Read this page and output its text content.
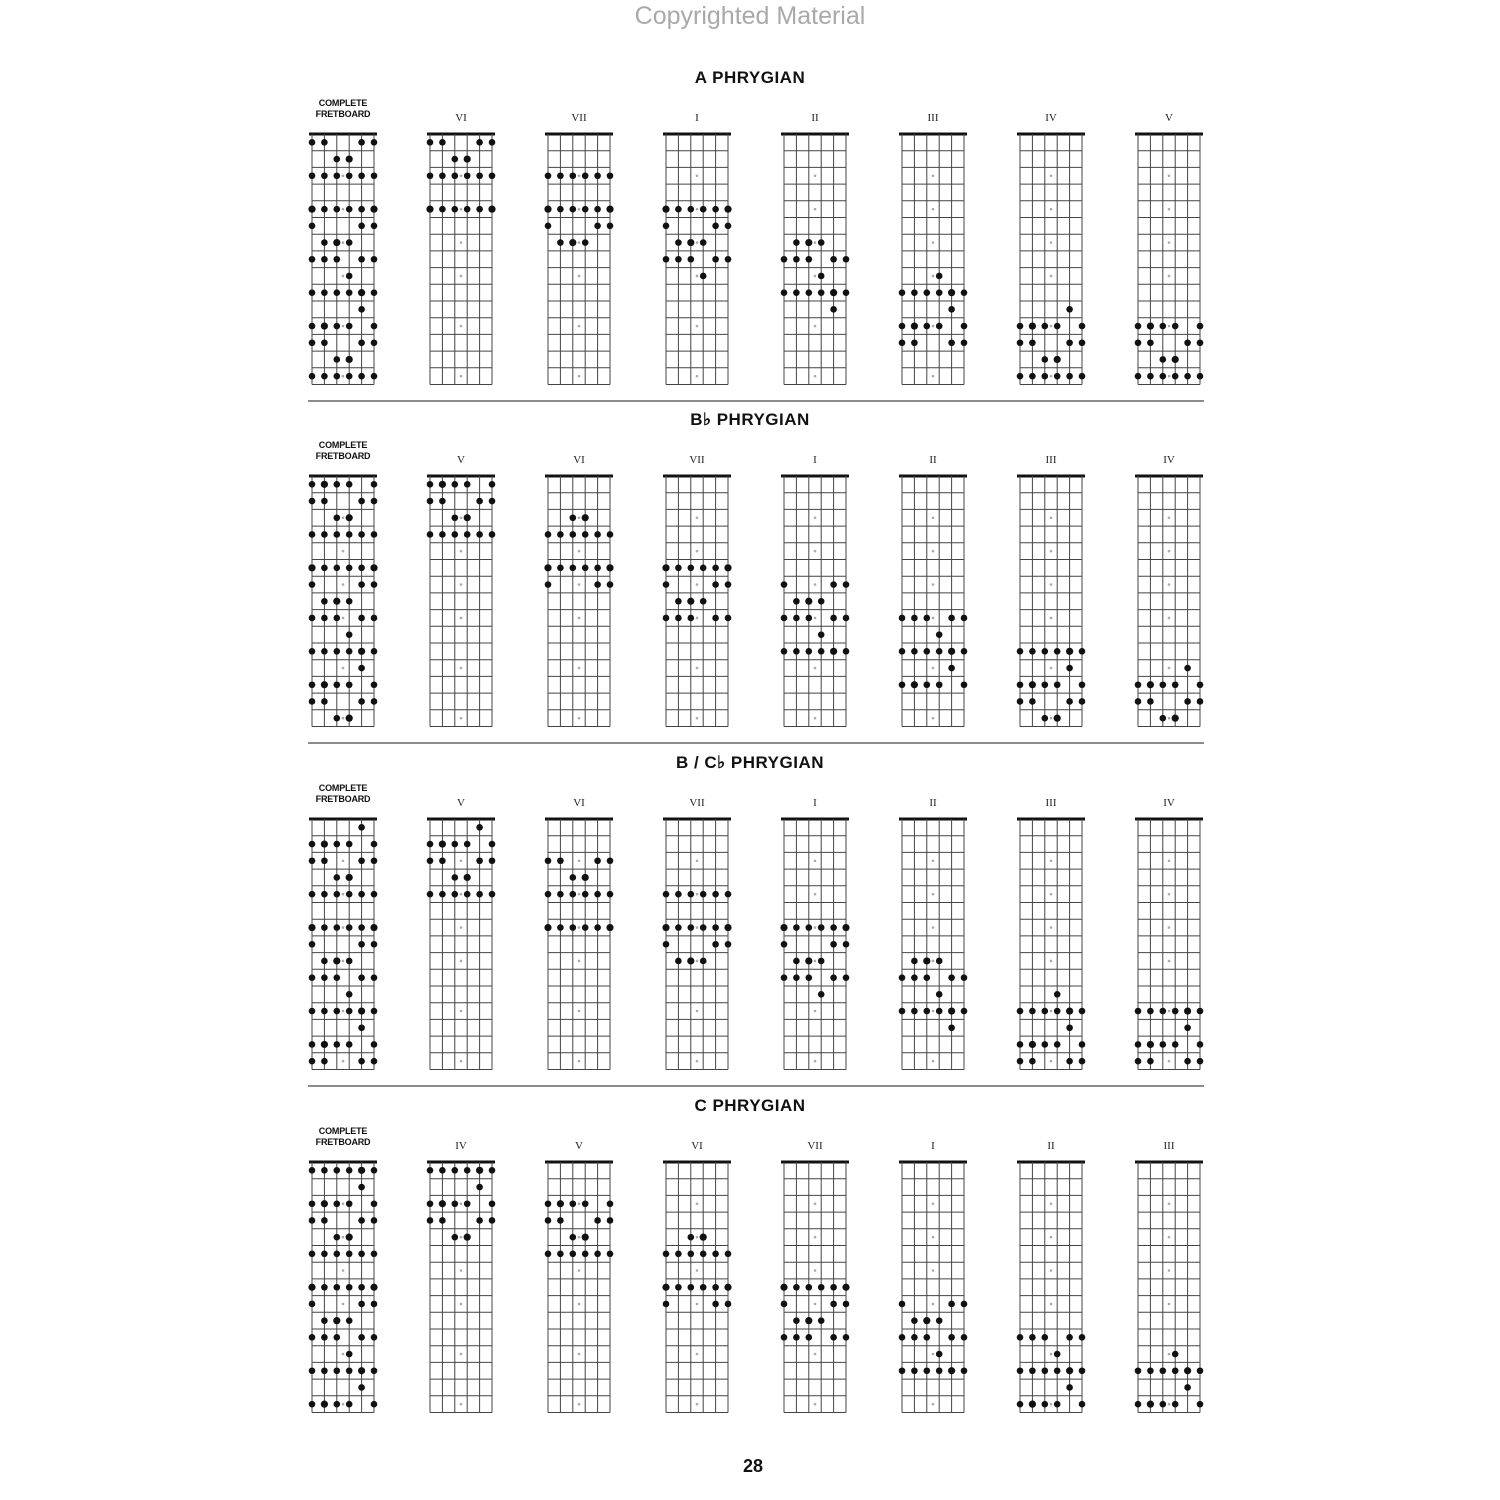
Copyrighted Material
A PHRYGIAN
COMPLETE
FRETBOARD	VI	VII	I	II	III	IV	V
B♭ PHRYGIAN
COMPLETE
FRETBOARD	V	VI	VII	I	II	III	IV
B / C♭ PHRYGIAN
COMPLETE
FRETBOARD	V	VI	VII	I	II	III	IV
C PHRYGIAN
COMPLETE
FRETBOARD	IV	V	VI	VII	I	II	III
28
